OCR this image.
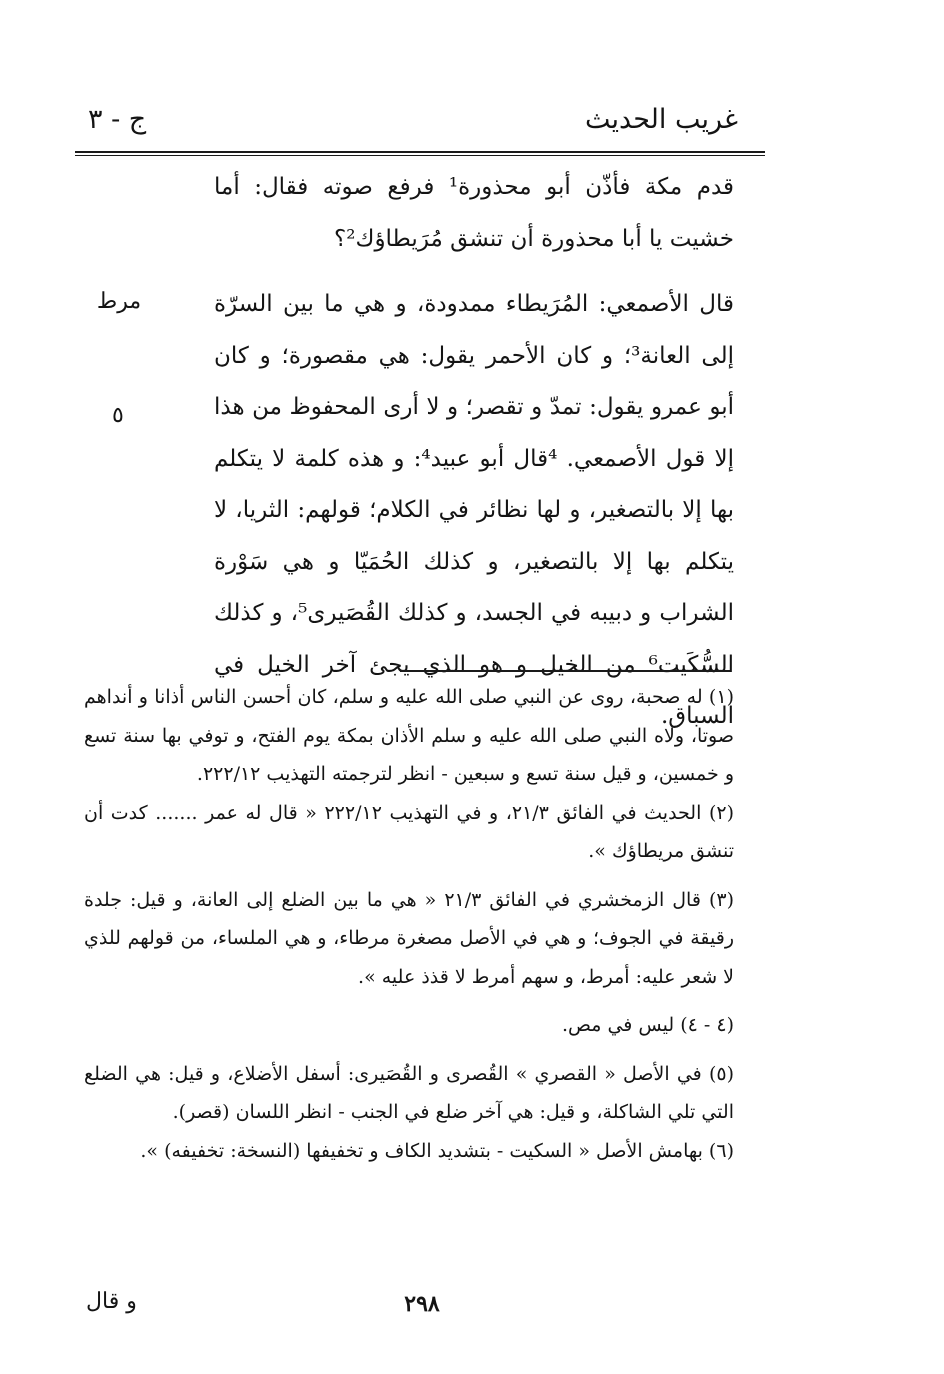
غريب الحديث
ج - ٣
مرط
٥

قدم مكة فأذّن أبو محذورة¹ فرفع صوته فقال: أما خشيت يا أبا محذورة أن تنشق مُرَيطاؤك²؟

قال الأصمعي: المُرَيطاء ممدودة، و هي ما بين السرّة إلى العانة³؛ و كان الأحمر يقول: هي مقصورة؛ و كان أبو عمرو يقول: تمدّ و تقصر؛ و لا أرى المحفوظ من هذا إلا قول الأصمعي. ⁴قال أبو عبيد⁴: و هذه كلمة لا يتكلم بها إلا بالتصغير، و لها نظائر في الكلام؛ قولهم: الثريا، لا يتكلم بها إلا بالتصغير، و كذلك الحُمَيّا و هي سَوْرة الشراب و دبيبه في الجسد، و كذلك القُصَيرى⁵، و كذلك السُّكَيت⁶ من الخيل و هو الذي يجئ آخر الخيل في السباق.

(١) له صحبة، روى عن النبي صلى الله عليه و سلم، كان أحسن الناس أذانا و أنداهم صوتا، ولاه النبي صلى الله عليه و سلم الأذان بمكة يوم الفتح، و توفي بها سنة تسع و خمسين، و قيل سنة تسع و سبعين - انظر لترجمته التهذيب ٢٢٢/١٢.

(٢) الحديث في الفائق ٢١/٣، و في التهذيب ٢٢٢/١٢ « قال له عمر ....... كدت أن تنشق مريطاؤك ».

(٣) قال الزمخشري في الفائق ٢١/٣ « هي ما بين الضلع إلى العانة، و قيل: جلدة رقيقة في الجوف؛ و هي في الأصل مصغرة مرطاء، و هي الملساء، من قولهم للذي لا شعر عليه: أمرط، و سهم أمرط لا قذذ عليه ».

(٤ - ٤) ليس في مص.

(٥) في الأصل « القصري » القُصرى و القُصَيرى: أسفل الأضلاع، و قيل: هي الضلع التي تلي الشاكلة، و قيل: هي آخر ضلع في الجنب - انظر اللسان (قصر).

(٦) بهامش الأصل « السكيت - بتشديد الكاف و تخفيفها (النسخة: تخفيفه) ».

٢٩٨
و قال
